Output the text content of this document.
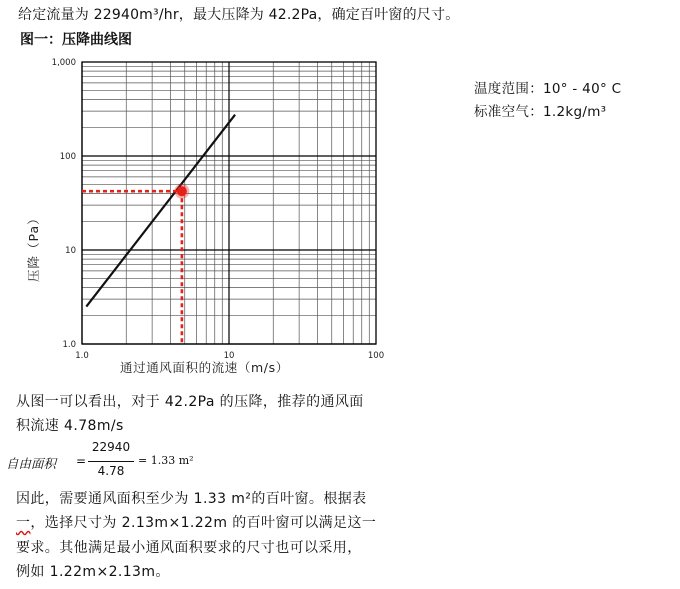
给定流量为 22940m³/hr，最大压降为 42.2Pa，确定百叶窗的尺寸。
图一：压降曲线图
1.0	10	100
1.0
10
100
1,000
压降（Pa）
通过通风面积的流速（m/s）
温度范围：10° - 40° C
标准空气：1.2kg/m³
从图一可以看出，对于 42.2Pa 的压降，推荐的通风面
积流速 4.78m/s
自由面积 =
22940
4.78
= 1.33 m²
因此，需要通风面积至少为 1.33 m²的百叶窗。根据表
一，选择尺寸为 2.13m×1.22m 的百叶窗可以满足这一
要求。其他满足最小通风面积要求的尺寸也可以采用，
例如 1.22m×2.13m。
